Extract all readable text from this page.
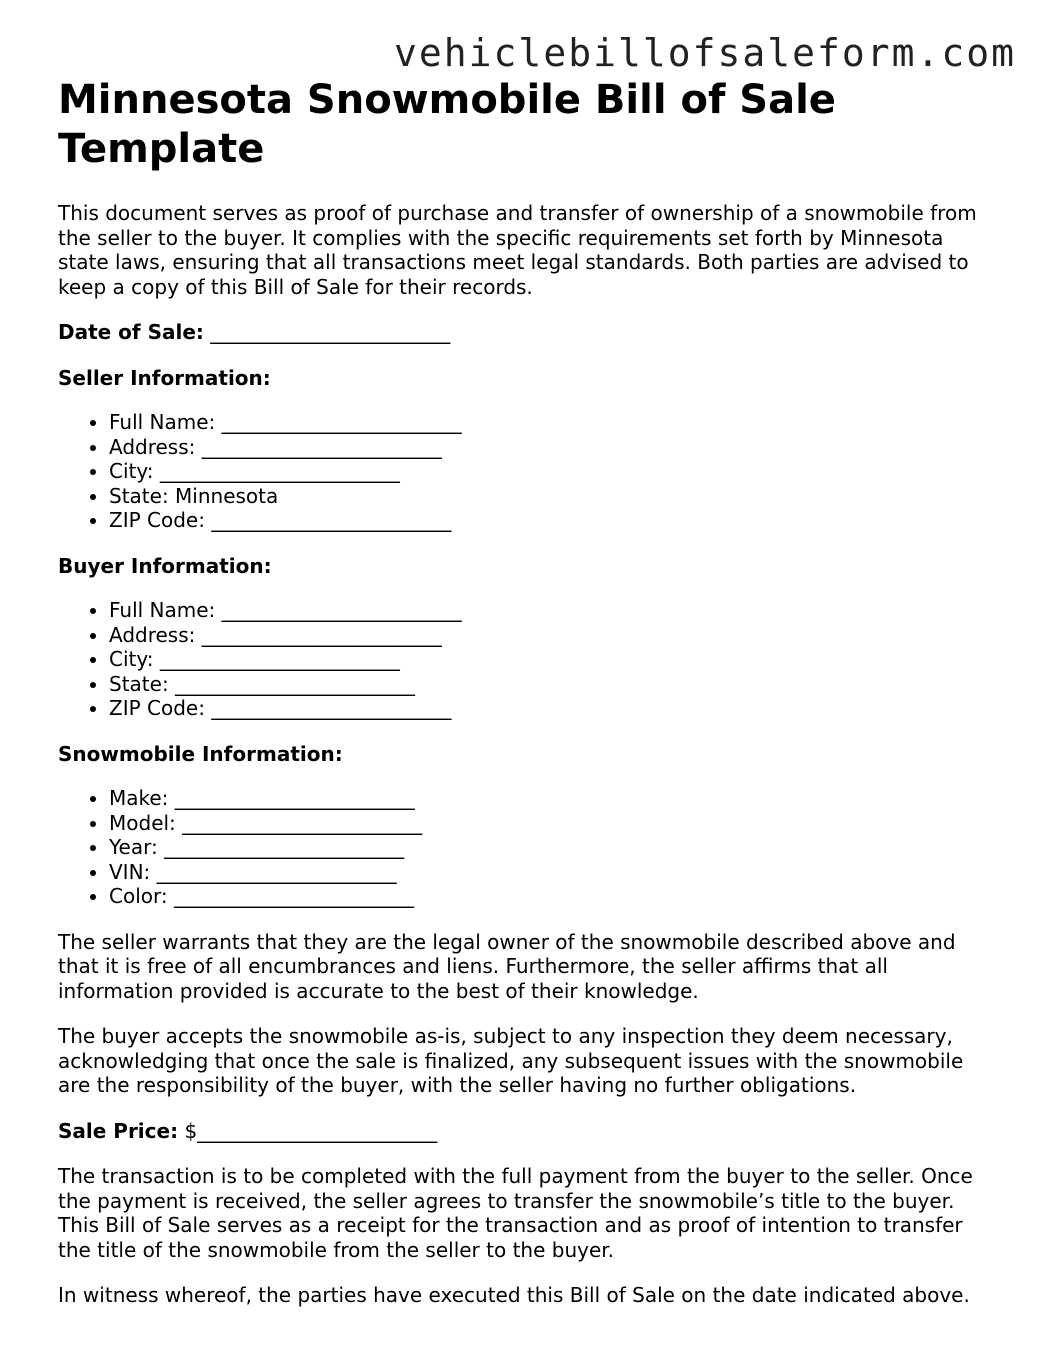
vehiclebillofsaleform.com
Minnesota Snowmobile Bill of Sale Template

This document serves as proof of purchase and transfer of ownership of a snowmobile from the seller to the buyer. It complies with the specific requirements set forth by Minnesota state laws, ensuring that all transactions meet legal standards. Both parties are advised to keep a copy of this Bill of Sale for their records.

Date of Sale: ________________________

Seller Information:

• Full Name: ________________________
• Address: ________________________
• City: ________________________
• State: Minnesota
• ZIP Code: ________________________

Buyer Information:

• Full Name: ________________________
• Address: ________________________
• City: ________________________
• State: ________________________
• ZIP Code: ________________________

Snowmobile Information:

• Make: ________________________
• Model: ________________________
• Year: ________________________
• VIN: ________________________
• Color: ________________________

The seller warrants that they are the legal owner of the snowmobile described above and that it is free of all encumbrances and liens. Furthermore, the seller affirms that all information provided is accurate to the best of their knowledge.

The buyer accepts the snowmobile as-is, subject to any inspection they deem necessary, acknowledging that once the sale is finalized, any subsequent issues with the snowmobile are the responsibility of the buyer, with the seller having no further obligations.

Sale Price: $________________________

The transaction is to be completed with the full payment from the buyer to the seller. Once the payment is received, the seller agrees to transfer the snowmobile’s title to the buyer. This Bill of Sale serves as a receipt for the transaction and as proof of intention to transfer the title of the snowmobile from the seller to the buyer.

In witness whereof, the parties have executed this Bill of Sale on the date indicated above.
